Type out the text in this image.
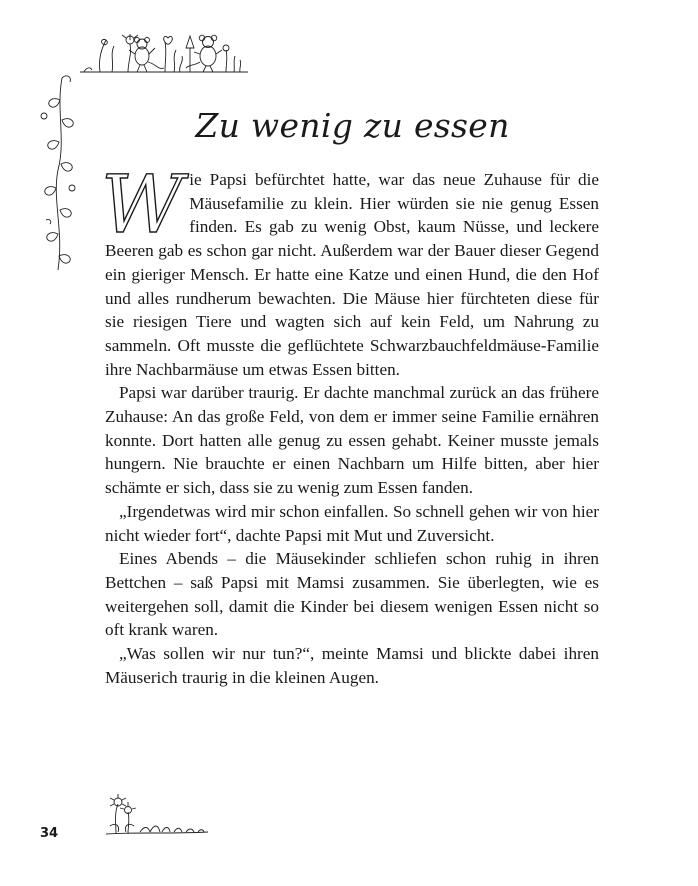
Zu wenig zu essen

Wie Papsi befürchtet hatte, war das neue Zuhause für die Mäusefamilie zu klein. Hier würden sie nie genug Essen finden. Es gab zu wenig Obst, kaum Nüsse, und leckere Beeren gab es schon gar nicht. Außerdem war der Bauer dieser Gegend ein gieriger Mensch. Er hatte eine Katze und einen Hund, die den Hof und alles rundherum bewachten. Die Mäuse hier fürchteten diese für sie riesigen Tiere und wagten sich auf kein Feld, um Nahrung zu sammeln. Oft musste die geflüchtete Schwarzbauchfeldmäuse-Familie ihre Nachbarmäuse um etwas Essen bitten.

Papsi war darüber traurig. Er dachte manchmal zurück an das frühere Zuhause: An das große Feld, von dem er immer seine Familie ernähren konnte. Dort hatten alle genug zu essen gehabt. Keiner musste jemals hungern. Nie brauchte er einen Nachbarn um Hilfe bitten, aber hier schämte er sich, dass sie zu wenig zum Essen fanden.

„Irgendetwas wird mir schon einfallen. So schnell gehen wir von hier nicht wieder fort“, dachte Papsi mit Mut und Zuversicht.

Eines Abends – die Mäusekinder schliefen schon ruhig in ihren Bettchen – saß Papsi mit Mamsi zusammen. Sie überlegten, wie es weitergehen soll, damit die Kinder bei diesem wenigen Essen nicht so oft krank waren.

„Was sollen wir nur tun?“, meinte Mamsi und blickte dabei ihren Mäuserich traurig in die kleinen Augen.

34
